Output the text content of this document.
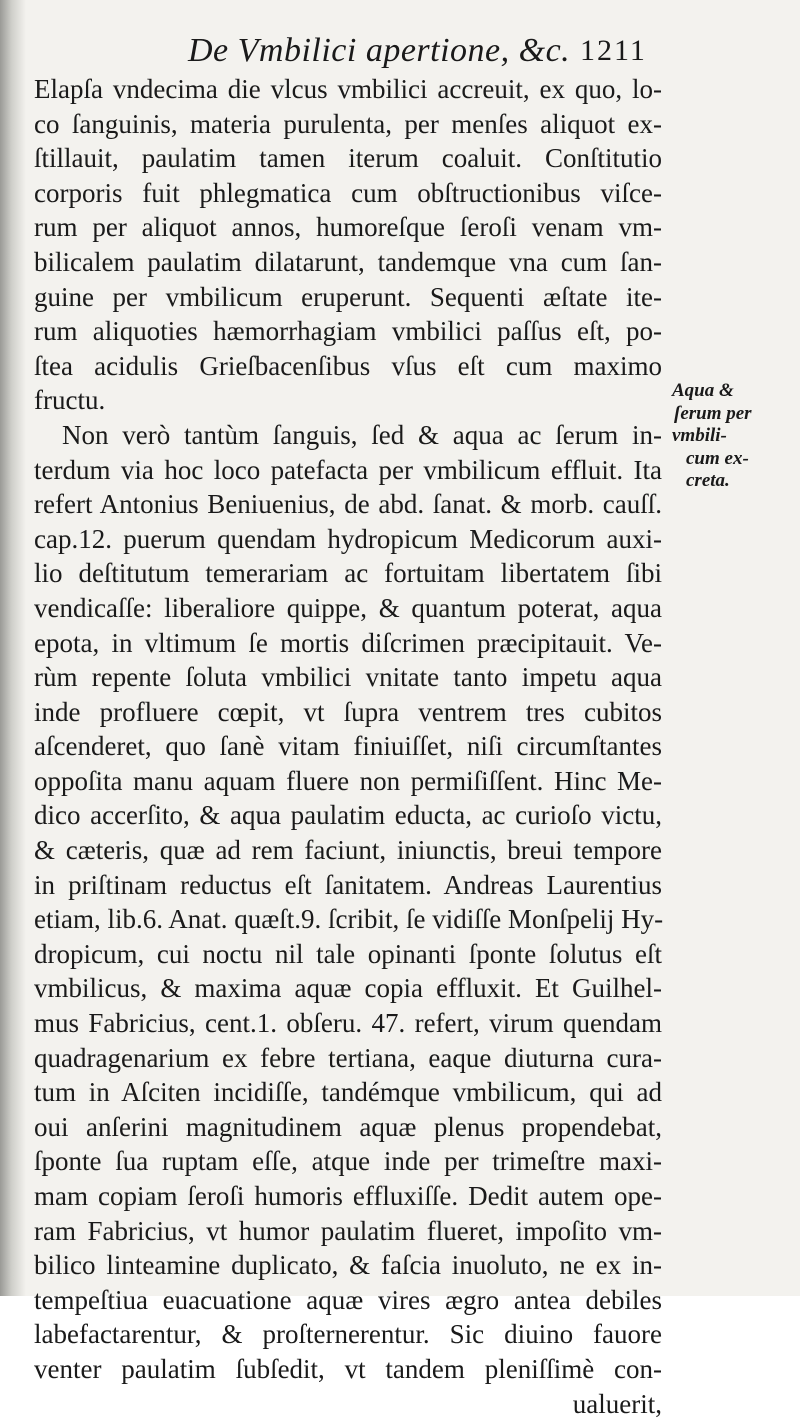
De Vmbilici apertione, &c. 1211
Elapſa vndecima die vlcus vmbilici accreuit, ex quo, lo-
co ſanguinis, materia purulenta, per menſes aliquot ex-
ſtillauit, paulatim tamen iterum coaluit. Conſtitutio
corporis fuit phlegmatica cum obſtructionibus viſce-
rum per aliquot annos, humoreſque ſeroſi venam vm-
bilicalem paulatim dilatarunt, tandemque vna cum ſan-
guine per vmbilicum eruperunt. Sequenti æſtate ite-
rum aliquoties hæmorrhagiam vmbilici paſſus eſt, po-
ſtea acidulis Grieſbacenſibus vſus eſt cum maximo
fructu.
Non verò tantùm ſanguis, ſed & aqua ac ſerum in-
terdum via hoc loco patefacta per vmbilicum effluit. Ita
refert Antonius Beniuenius, de abd. ſanat. & morb. cauſſ.
cap.12. puerum quendam hydropicum Medicorum auxi-
lio deſtitutum temerariam ac fortuitam libertatem ſibi
vendicaſſe: liberaliore quippe, & quantum poterat, aqua
epota, in vltimum ſe mortis diſcrimen præcipitauit. Ve-
rùm repente ſoluta vmbilici vnitate tanto impetu aqua
inde profluere cœpit, vt ſupra ventrem tres cubitos
aſcenderet, quo ſanè vitam finiuiſſet, niſi circumſtantes
oppoſita manu aquam fluere non permiſiſſent. Hinc Me-
dico accerſito, & aqua paulatim educta, ac curioſo victu,
& cæteris, quæ ad rem faciunt, iniunctis, breui tempore
in priſtinam reductus eſt ſanitatem. Andreas Laurentius
etiam, lib.6. Anat. quæſt.9. ſcribit, ſe vidiſſe Monſpelij Hy-
dropicum, cui noctu nil tale opinanti ſponte ſolutus eſt
vmbilicus, & maxima aquæ copia effluxit. Et Guilhel-
mus Fabricius, cent.1. obſeru. 47. refert, virum quendam
quadragenarium ex febre tertiana, eaque diuturna cura-
tum in Aſciten incidiſſe, tandémque vmbilicum, qui ad
oui anſerini magnitudinem aquæ plenus propendebat,
ſponte ſua ruptam eſſe, atque inde per trimeſtre maxi-
mam copiam ſeroſi humoris effluxiſſe. Dedit autem ope-
ram Fabricius, vt humor paulatim flueret, impoſito vm-
bilico linteamine duplicato, & faſcia inuoluto, ne ex in-
tempeſtiua euacuatione aquæ vires ægro antea debiles
labefactarentur, & proſternerentur. Sic diuino fauore
venter paulatim ſubſedit, vt tandem pleniſſimè con-
ualuerit,
Aqua &
ſerum per
vmbili-
cum ex-
creta.
